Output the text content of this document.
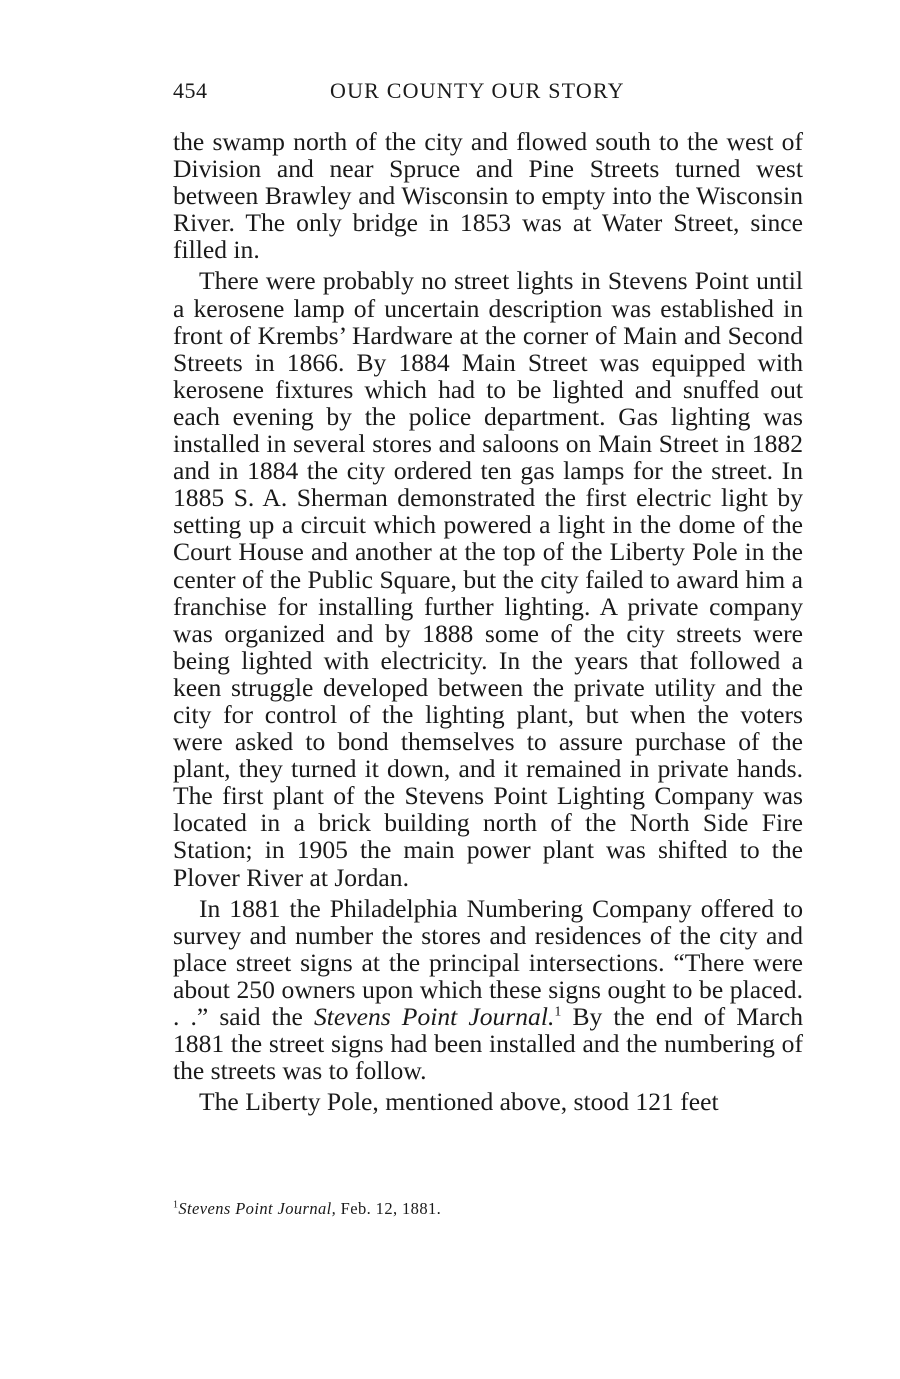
454	OUR COUNTY OUR STORY

the swamp north of the city and flowed south to the west of Division and near Spruce and Pine Streets turned west between Brawley and Wisconsin to empty into the Wisconsin River. The only bridge in 1853 was at Water Street, since filled in.

There were probably no street lights in Stevens Point until a kerosene lamp of uncertain description was established in front of Krembs’ Hardware at the corner of Main and Second Streets in 1866. By 1884 Main Street was equipped with kerosene fixtures which had to be lighted and snuffed out each evening by the police department. Gas lighting was installed in several stores and saloons on Main Street in 1882 and in 1884 the city ordered ten gas lamps for the street. In 1885 S. A. Sherman demonstrated the first electric light by setting up a circuit which powered a light in the dome of the Court House and another at the top of the Liberty Pole in the center of the Public Square, but the city failed to award him a franchise for installing further lighting. A private company was organized and by 1888 some of the city streets were being lighted with electricity. In the years that followed a keen struggle developed between the private utility and the city for control of the lighting plant, but when the voters were asked to bond themselves to assure purchase of the plant, they turned it down, and it remained in private hands. The first plant of the Stevens Point Lighting Company was located in a brick building north of the North Side Fire Station; in 1905 the main power plant was shifted to the Plover River at Jordan.

In 1881 the Philadelphia Numbering Company offered to survey and number the stores and residences of the city and place street signs at the principal intersections. “There were about 250 owners upon which these signs ought to be placed. . .” said the Stevens Point Journal.$^1$ By the end of March 1881 the street signs had been installed and the numbering of the streets was to follow.

The Liberty Pole, mentioned above, stood 121 feet

$^1$Stevens Point Journal, Feb. 12, 1881.
